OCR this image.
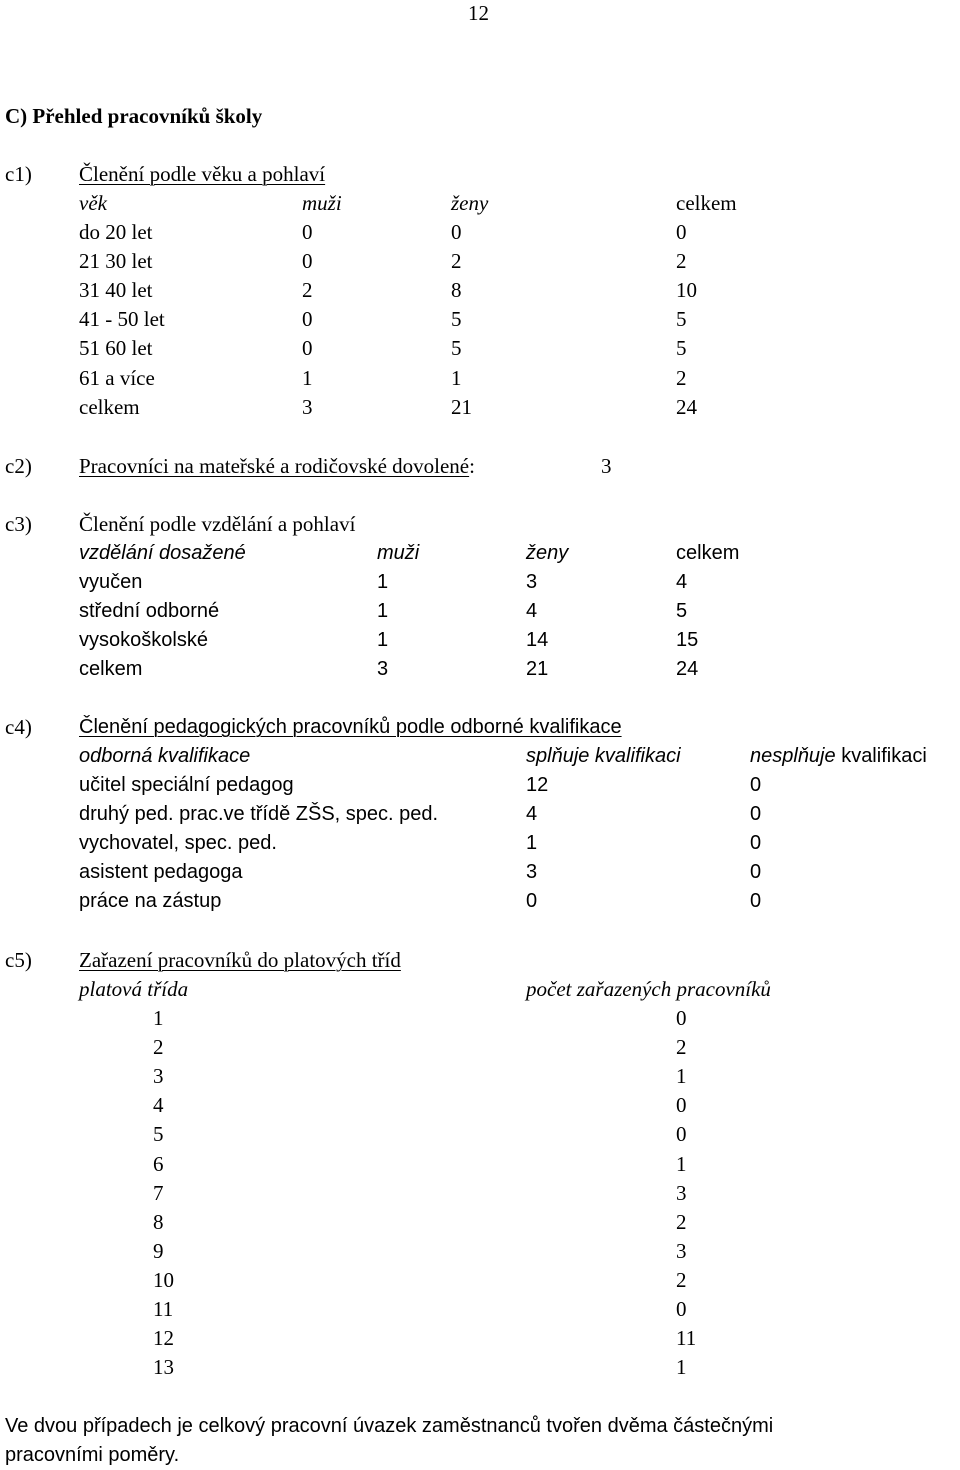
12
C) Přehled pracovníků školy
c1) Členění podle věku a pohlaví
věk	muži	ženy	celkem
do 20 let	0	0	0
21 30 let	0	2	2
31 40 let	2	8	10
41 - 50 let	0	5	5
51 60 let	0	5	5
61 a více	1	1	2
celkem	3	21	24
c2) Pracovníci na mateřské a rodičovské dovolené:	3
c3) Členění podle vzdělání a pohlaví
vzdělání dosažené	muži	ženy	celkem
vyučen	1	3	4
střední odborné	1	4	5
vysokoškolské	1	14	15
celkem	3	21	24
c4) Členění pedagogických pracovníků podle odborné kvalifikace
odborná kvalifikace	splňuje kvalifikaci	nesplňuje kvalifikaci
učitel speciální pedagog	12	0
druhý ped. prac.ve třídě ZŠS, spec. ped.	4	0
vychovatel, spec. ped.	1	0
asistent pedagoga	3	0
práce na zástup	0	0
c5) Zařazení pracovníků do platových tříd
platová třída	počet zařazených pracovníků
1	0
2	2
3	1
4	0
5	0
6	1
7	3
8	2
9	3
10	2
11	0
12	11
13	1
Ve dvou případech je celkový pracovní úvazek zaměstnanců tvořen dvěma částečnými
pracovními poměry.
